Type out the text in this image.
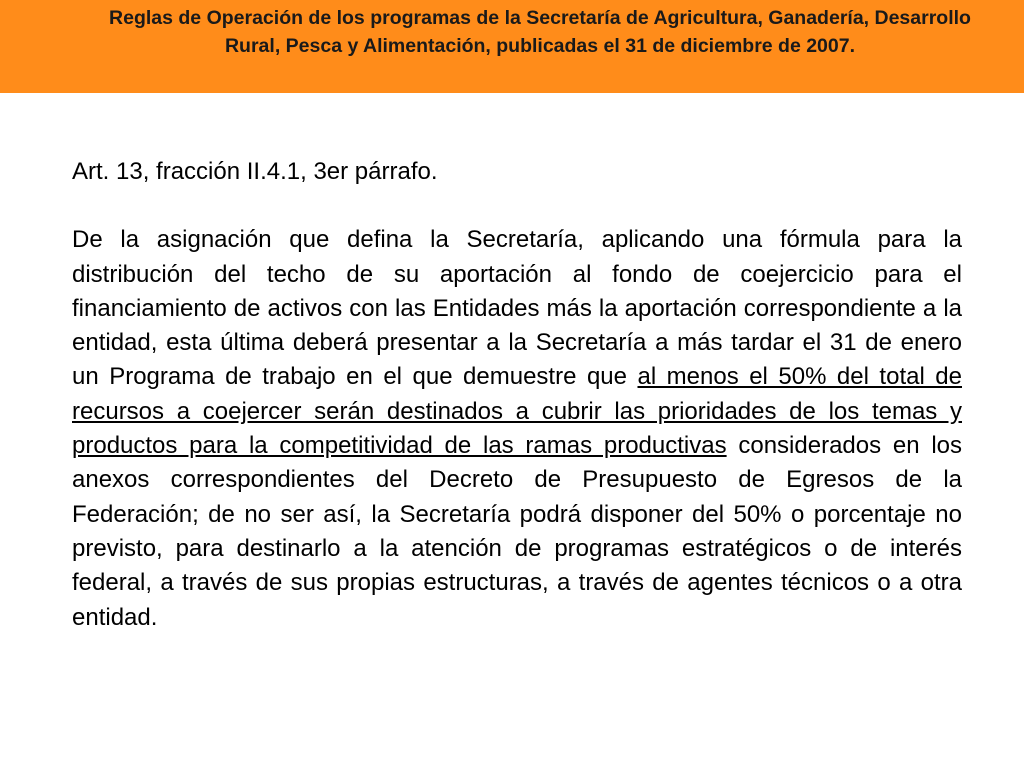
Reglas de Operación de los programas de la Secretaría de Agricultura, Ganadería, Desarrollo Rural, Pesca y Alimentación, publicadas el 31 de diciembre de 2007.

Art. 13, fracción II.4.1, 3er párrafo.

De la asignación que defina la Secretaría, aplicando una fórmula para la distribución del techo de su aportación al fondo de coejercicio para el financiamiento de activos con las Entidades más la aportación correspondiente a la entidad, esta última deberá presentar a la Secretaría a más tardar el 31 de enero un Programa de trabajo en el que demuestre que al menos el 50% del total de recursos a coejercer serán destinados a cubrir las prioridades de los temas y productos para la competitividad de las ramas productivas considerados en los anexos correspondientes del Decreto de Presupuesto de Egresos de la Federación; de no ser así, la Secretaría podrá disponer del 50% o porcentaje no previsto, para destinarlo a la atención de programas estratégicos o de interés federal, a través de sus propias estructuras, a través de agentes técnicos o a otra entidad.
